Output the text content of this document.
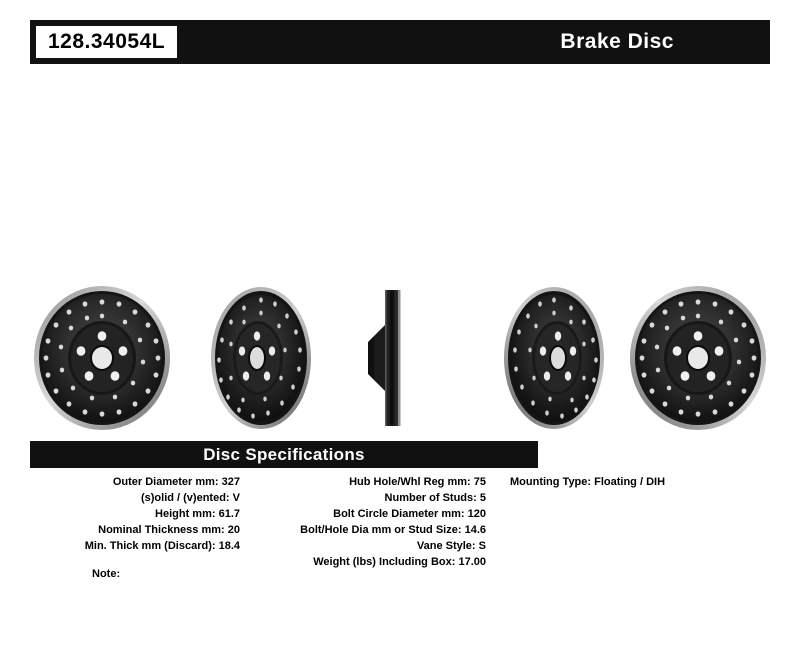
128.34054L	Brake Disc
Disc Specifications
Outer Diameter mm: 327
(s)olid / (v)ented: V
Height mm: 61.7
Nominal Thickness mm: 20
Min. Thick mm (Discard): 18.4
Hub Hole/Whl Reg mm: 75
Number of Studs: 5
Bolt Circle Diameter mm: 120
Bolt/Hole Dia mm or Stud Size: 14.6
Vane Style: S
Weight (lbs) Including Box: 17.00
Mounting Type: Floating / DIH
Note:
